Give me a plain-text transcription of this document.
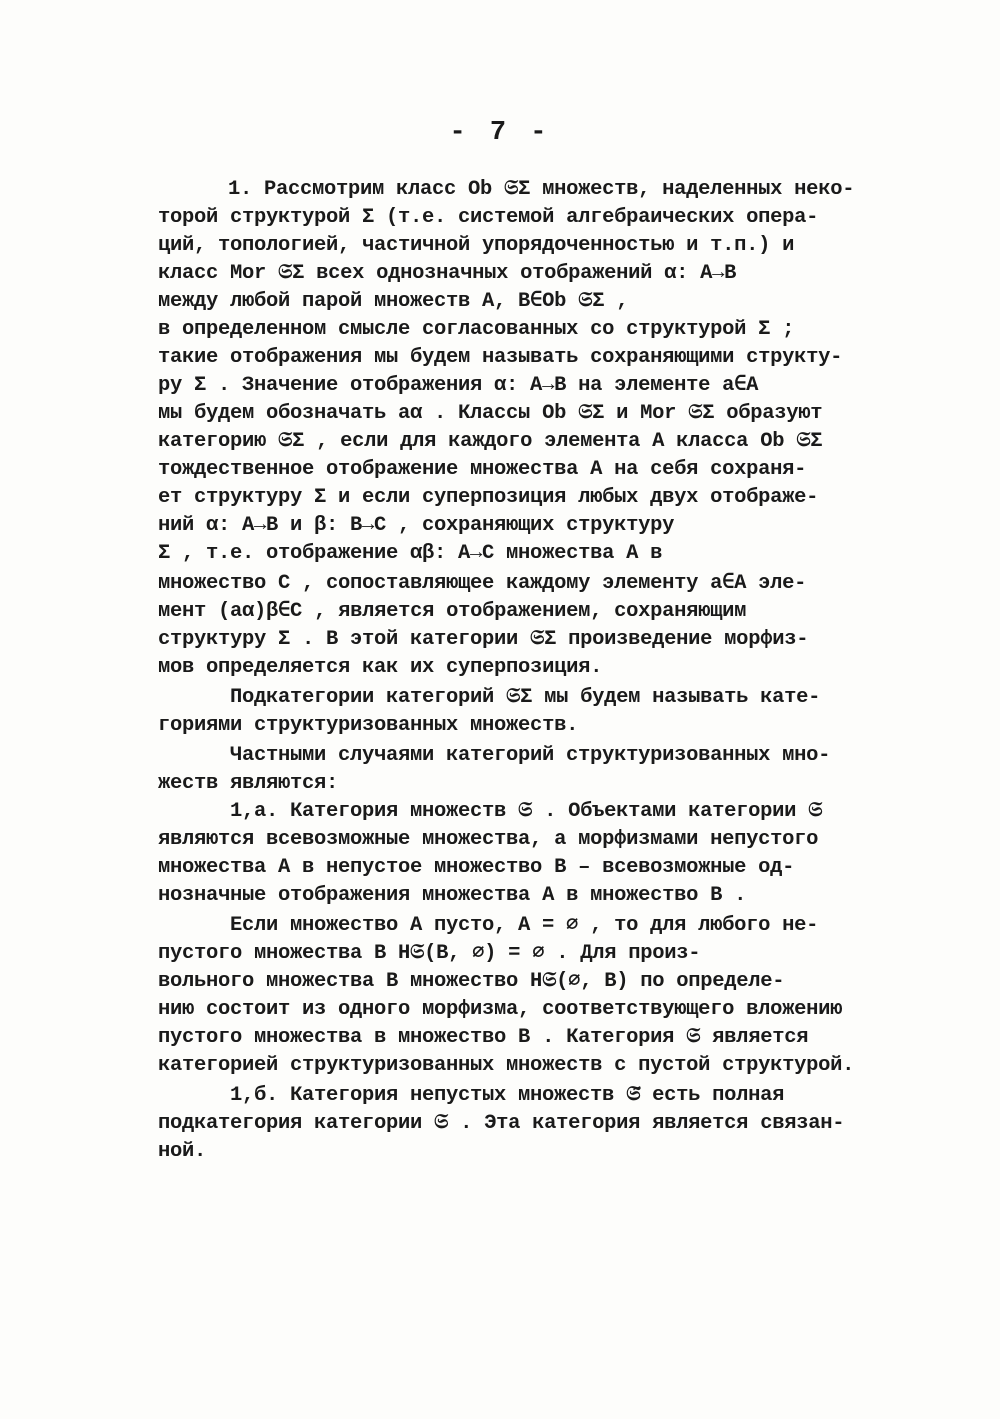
- 7 -
1. Рассмотрим класс Ob 𝔖Σ множеств, наделенных неко-
торой структурой Σ (т.е. системой алгебраических опера-
ций, топологией, частичной упорядоченностью и т.п.) и
класс Mor 𝔖Σ всех однозначных отображений α: A→B
между любой парой множеств A, B∈Ob 𝔖Σ ,
в определенном смысле согласованных со структурой Σ ;
такие отображения мы будем называть сохраняющими структу-
ру Σ . Значение отображения α: A→B на элементе a∈A
мы будем обозначать aα . Классы Ob 𝔖Σ и Mor 𝔖Σ образуют
категорию 𝔖Σ , если для каждого элемента A класса Ob 𝔖Σ
тождественное отображение множества A на себя сохраня-
ет структуру Σ и если суперпозиция любых двух отображе-
ний α: A→B и β: B→C , сохраняющих структуру
Σ , т.е. отображение αβ: A→C множества A в
множество C , сопоставляющее каждому элементу a∈A эле-
мент (aα)β∈C , является отображением, сохраняющим
структуру Σ . В этой категории 𝔖Σ произведение морфиз-
мов определяется как их суперпозиция.
Подкатегории категорий 𝔖Σ мы будем называть кате-
гориями структуризованных множеств.
Частными случаями категорий структуризованных мно-
жеств являются:
1,а. Категория множеств 𝔖 . Объектами категории 𝔖
являются всевозможные множества, а морфизмами непустого
множества A в непустое множество B – всевозможные од-
нозначные отображения множества A в множество B .
Если множество A пусто, A = ∅ , то для любого не-
пустого множества B H𝔖(B, ∅) = ∅ . Для произ-
вольного множества B множество H𝔖(∅, B) по определе-
нию состоит из одного морфизма, соответствующего вложению
пустого множества в множество B . Категория 𝔖 является
категорией структуризованных множеств с пустой структурой.
1,б. Категория непустых множеств 𝔖̃ есть полная
подкатегория категории 𝔖 . Эта категория является связан-
ной.
